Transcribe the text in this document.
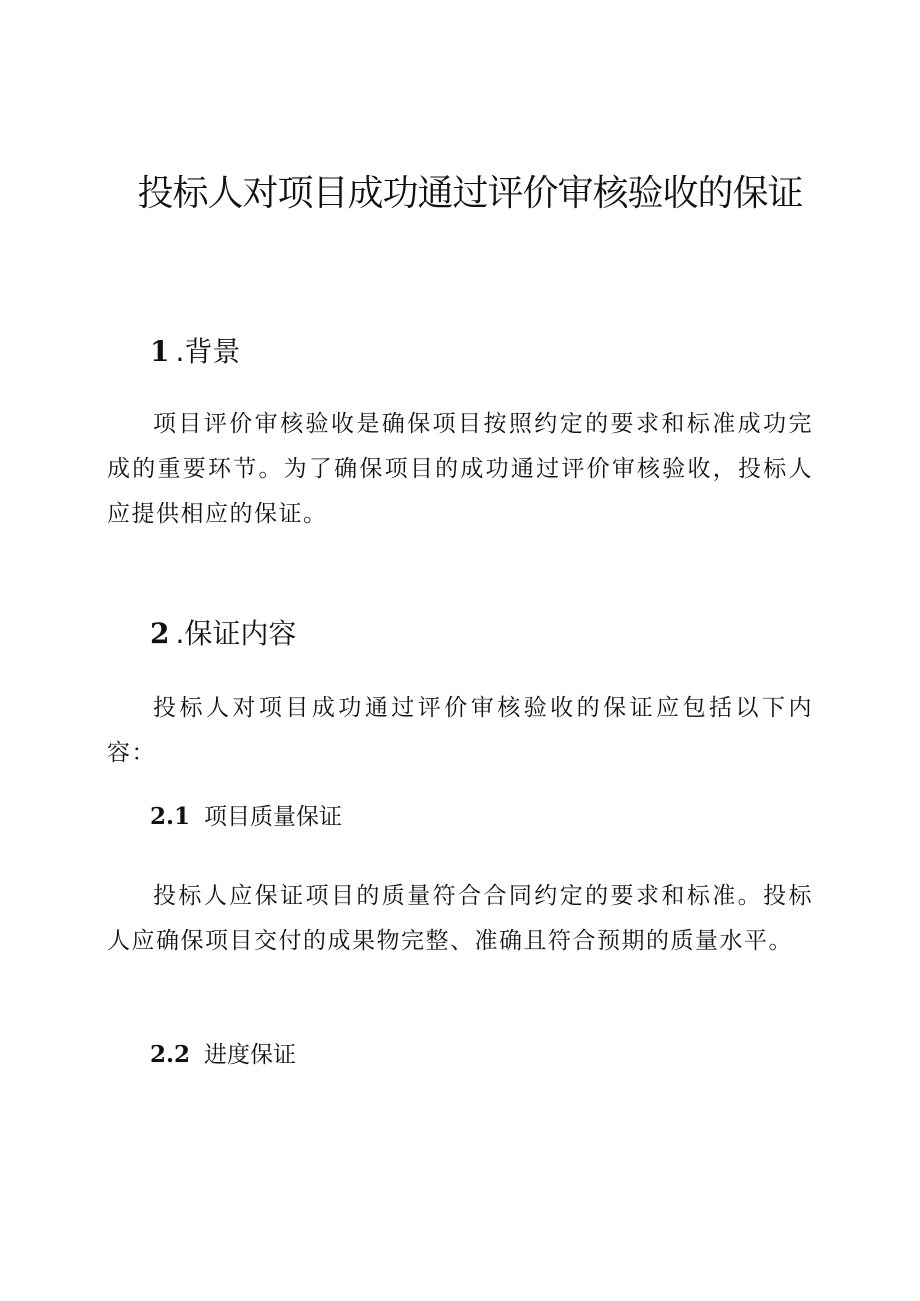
投标人对项目成功通过评价审核验收的保证
1 .背景

项目评价审核验收是确保项目按照约定的要求和标准成功完成的重要环节。为了确保项目的成功通过评价审核验收，投标人应提供相应的保证。

2 .保证内容

投标人对项目成功通过评价审核验收的保证应包括以下内容：

2.1 项目质量保证

投标人应保证项目的质量符合合同约定的要求和标准。投标人应确保项目交付的成果物完整、准确且符合预期的质量水平。

2.2 进度保证
